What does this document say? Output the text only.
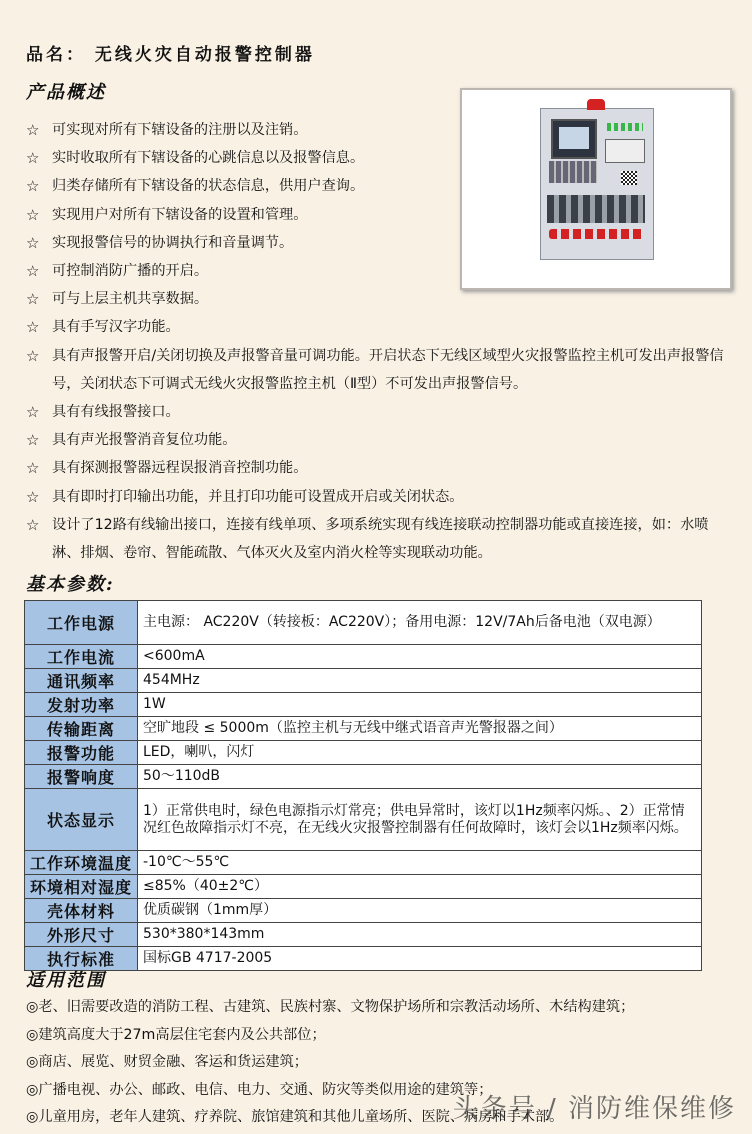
品名： 无线火灾自动报警控制器
产品概述
☆ 可实现对所有下辖设备的注册以及注销。
☆ 实时收取所有下辖设备的心跳信息以及报警信息。
☆ 归类存储所有下辖设备的状态信息，供用户查询。
☆ 实现用户对所有下辖设备的设置和管理。
☆ 实现报警信号的协调执行和音量调节。
☆ 可控制消防广播的开启。
☆ 可与上层主机共享数据。
☆ 具有手写汉字功能。
☆ 具有声报警开启/关闭切换及声报警音量可调功能。开启状态下无线区域型火灾报警监控主机可发出声报警信号，关闭状态下可调式无线火灾报警监控主机（Ⅱ型）不可发出声报警信号。
☆ 具有有线报警接口。
☆ 具有声光报警消音复位功能。
☆ 具有探测报警器远程误报消音控制功能。
☆ 具有即时打印输出功能，并且打印功能可设置成开启或关闭状态。
☆ 设计了12路有线输出接口，连接有线单项、多项系统实现有线连接联动控制器功能或直接连接，如：水喷淋、排烟、卷帘、智能疏散、气体灭火及室内消火栓等实现联动功能。
基本参数:
工作电源	主电源： AC220V（转接板：AC220V）；备用电源：12V/7Ah后备电池（双电源）
工作电流	<600mA
通讯频率	454MHz
发射功率	1W
传输距离	空旷地段 ≤ 5000m（监控主机与无线中继式语音声光警报器之间）
报警功能	LED，喇叭，闪灯
报警响度	50～110dB
状态显示	1）正常供电时，绿色电源指示灯常亮；供电异常时，该灯以1Hz频率闪烁。、2）正常情况红色故障指示灯不亮，在无线火灾报警控制器有任何故障时，该灯会以1Hz频率闪烁。
工作环境温度	-10℃～55℃
环境相对湿度	≤85%（40±2℃）
壳体材料	优质碳钢（1mm厚）
外形尺寸	530*380*143mm
执行标准	国标GB 4717-2005
适用范围
◎老、旧需要改造的消防工程、古建筑、民族村寨、文物保护场所和宗教活动场所、木结构建筑；
◎建筑高度大于27m高层住宅套内及公共部位；
◎商店、展览、财贸金融、客运和货运建筑；
◎广播电视、办公、邮政、电信、电力、交通、防灾等类似用途的建筑等；
◎儿童用房，老年人建筑、疗养院、旅馆建筑和其他儿童场所、医院、病房和手术部。
头条号 / 消防维保维修
